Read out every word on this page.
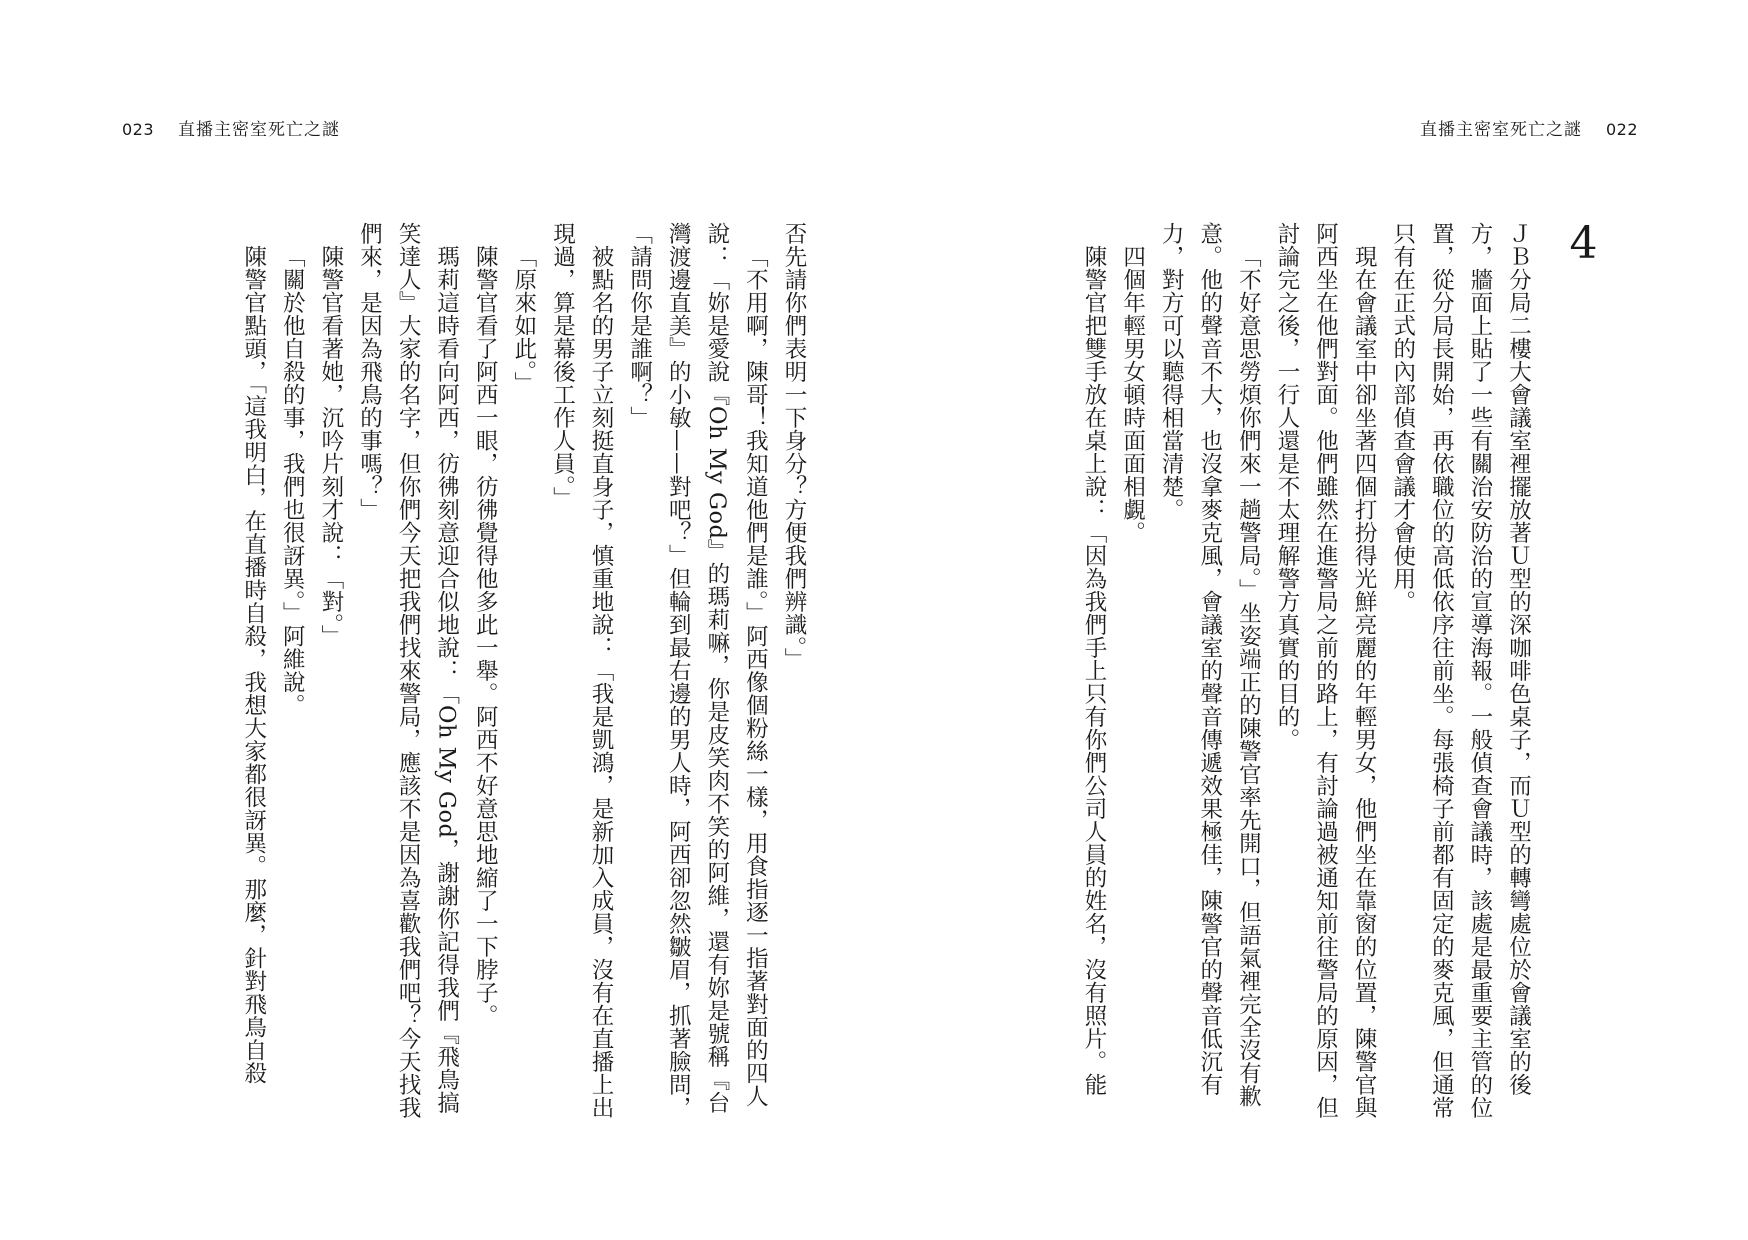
023 直播主密室死亡之謎	直播主密室死亡之謎 022

4

ＪＢ分局二樓大會議室裡擺放著Ｕ型的深咖啡色桌子，而Ｕ型的轉彎處位於會議室的後方，牆面上貼了一些有關治安防治的宣導海報。一般偵查會議時，該處是最重要主管的位置，從分局長開始，再依職位的高低依序往前坐。每張椅子前都有固定的麥克風，但通常只有在正式的內部偵查會議才會使用。

現在會議室中卻坐著四個打扮得光鮮亮麗的年輕男女，他們坐在靠窗的位置，陳警官與阿西坐在他們對面。他們雖然在進警局之前的路上，有討論過被通知前往警局的原因，但討論完之後，一行人還是不太理解警方真實的目的。

「不好意思勞煩你們來一趟警局。」坐姿端正的陳警官率先開口，但語氣裡完全沒有歉意。他的聲音不大，也沒拿麥克風，會議室的聲音傳遞效果極佳，陳警官的聲音低沉有力，對方可以聽得相當清楚。

四個年輕男女頓時面面相覷。

陳警官把雙手放在桌上說：「因為我們手上只有你們公司人員的姓名，沒有照片。能

否先請你們表明一下身分？方便我們辨識。」

「不用啊，陳哥！我知道他們是誰。」阿西像個粉絲一樣，用食指逐一指著對面的四人說：「妳是愛說『Oh My God』的瑪莉嘛，你是皮笑肉不笑的阿維，還有妳是號稱『台灣渡邊直美』的小敏——對吧？」但輪到最右邊的男人時，阿西卻忽然皺眉，抓著臉問，「請問你是誰啊？」

被點名的男子立刻挺直身子，慎重地說：「我是凱鴻，是新加入成員，沒有在直播上出現過，算是幕後工作人員。」

「原來如此。」

陳警官看了阿西一眼，彷彿覺得他多此一舉。阿西不好意思地縮了一下脖子。

瑪莉這時看向阿西，彷彿刻意迎合似地說：「Oh My God，謝謝你記得我們『飛鳥搞笑達人』大家的名字，但你們今天把我們找來警局，應該不是因為喜歡我們吧？今天找我們來，是因為飛鳥的事嗎？」

陳警官看著她，沉吟片刻才說：「對。」

「關於他自殺的事，我們也很訝異。」阿維說。

陳警官點頭，「這我明白，在直播時自殺，我想大家都很訝異。那麼，針對飛鳥自殺
